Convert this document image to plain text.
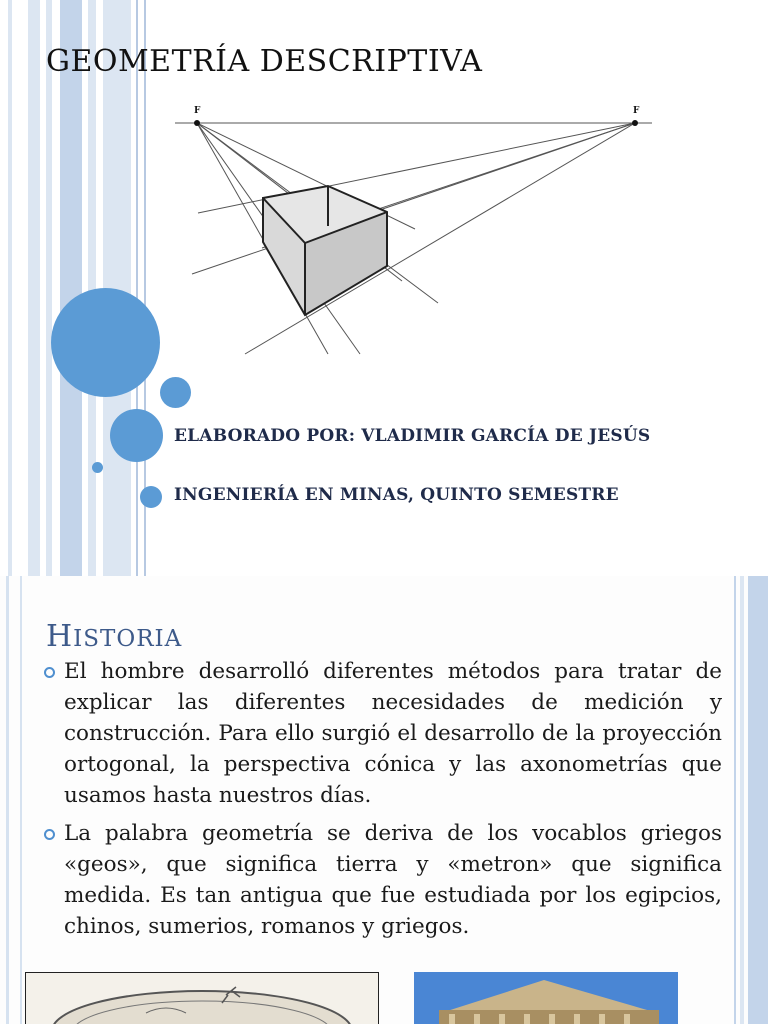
GEOMETRÍA DESCRIPTIVA
F	F
ELABORADO POR: VLADIMIR GARCÍA DE JESÚS
INGENIERÍA EN MINAS, QUINTO SEMESTRE
HISTORIA
El hombre desarrolló diferentes métodos para tratar de explicar las diferentes necesidades de medición y construcción. Para ello surgió el desarrollo de la proyección ortogonal, la perspectiva cónica y las axonometrías que usamos hasta nuestros días.
La palabra geometría se deriva de los vocablos griegos «geos», que significa tierra y «metron» que significa medida. Es tan antigua que fue estudiada por los egipcios, chinos, sumerios, romanos y griegos.
